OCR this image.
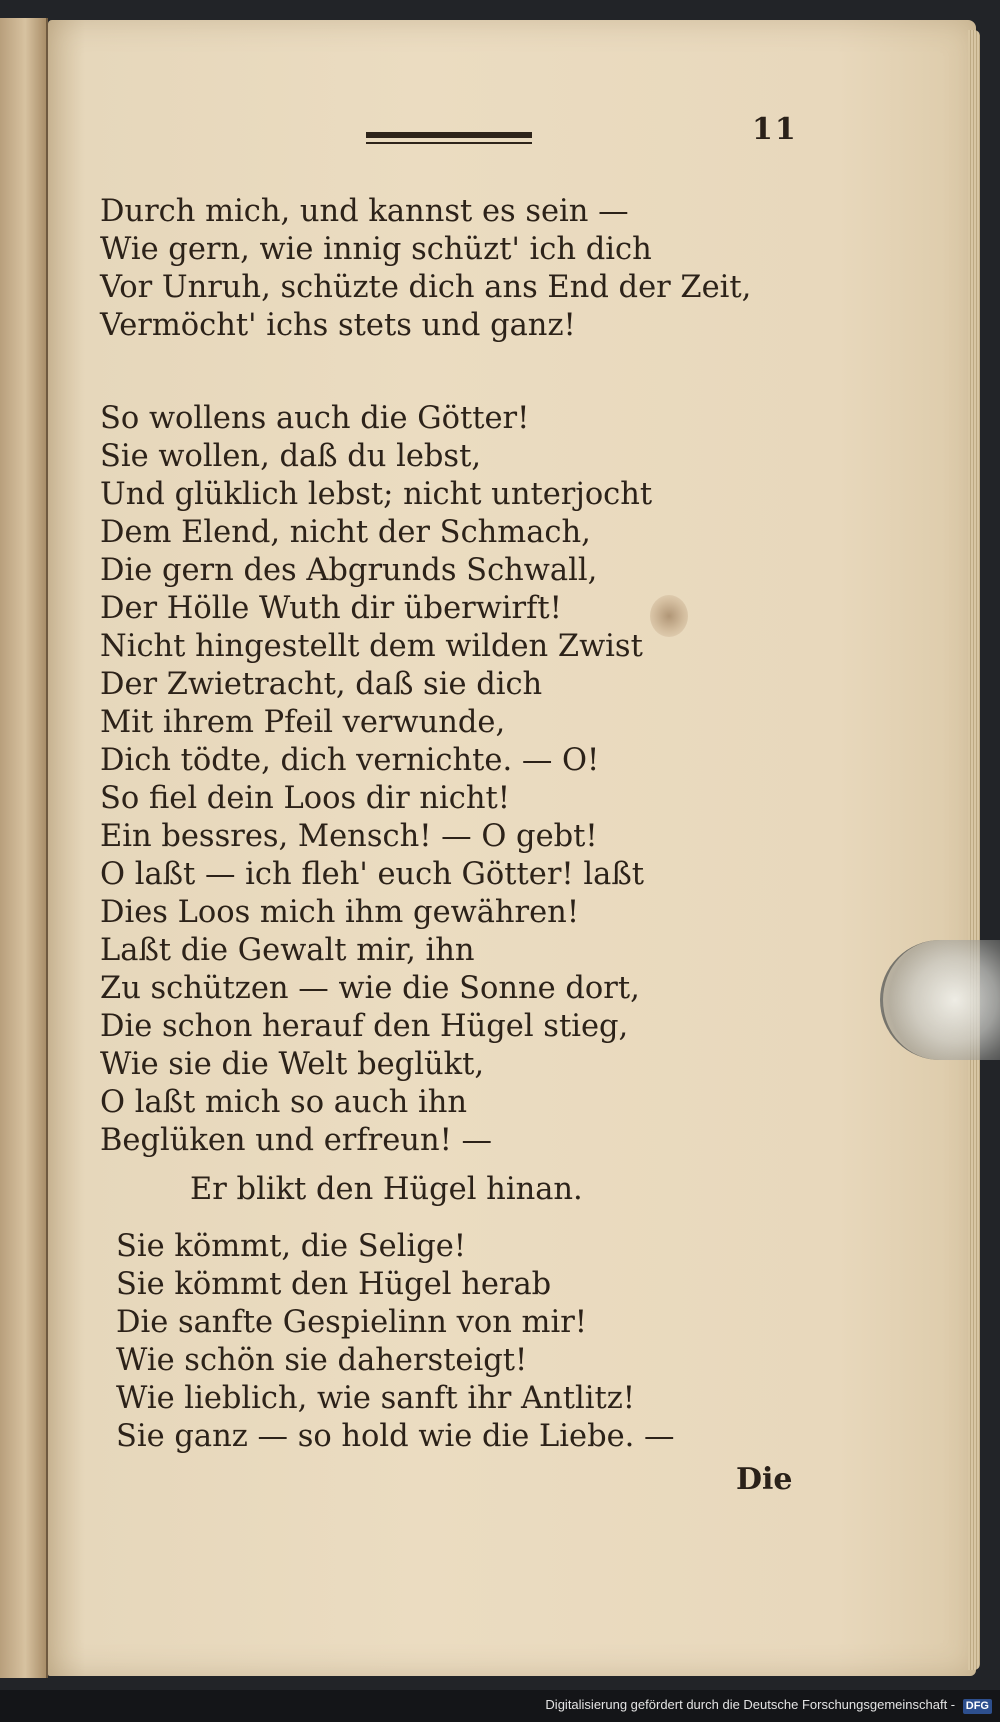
11
Durch mich, und kannst es sein —
Wie gern, wie innig schüzt' ich dich
Vor Unruh, schüzte dich ans End der Zeit,
Vermöcht' ichs stets und ganz!
So wollens auch die Götter!
Sie wollen, daß du lebst,
Und glüklich lebst; nicht unterjocht
Dem Elend, nicht der Schmach,
Die gern des Abgrunds Schwall,
Der Hölle Wuth dir überwirft!
Nicht hingestellt dem wilden Zwist
Der Zwietracht, daß sie dich
Mit ihrem Pfeil verwunde,
Dich tödte, dich vernichte. — O!
So fiel dein Loos dir nicht!
Ein bessres, Mensch! — O gebt!
O laßt — ich fleh' euch Götter! laßt
Dies Loos mich ihm gewähren!
Laßt die Gewalt mir, ihn
Zu schützen — wie die Sonne dort,
Die schon herauf den Hügel stieg,
Wie sie die Welt beglükt,
O laßt mich so auch ihn
Beglüken und erfreun! —
Er blikt den Hügel hinan.
Sie kömmt, die Selige!
Sie kömmt den Hügel herab
Die sanfte Gespielinn von mir!
Wie schön sie dahersteigt!
Wie lieblich, wie sanft ihr Antlitz!
Sie ganz — so hold wie die Liebe. —
Die
Digitalisierung gefördert durch die Deutsche Forschungsgemeinschaft - DFG
